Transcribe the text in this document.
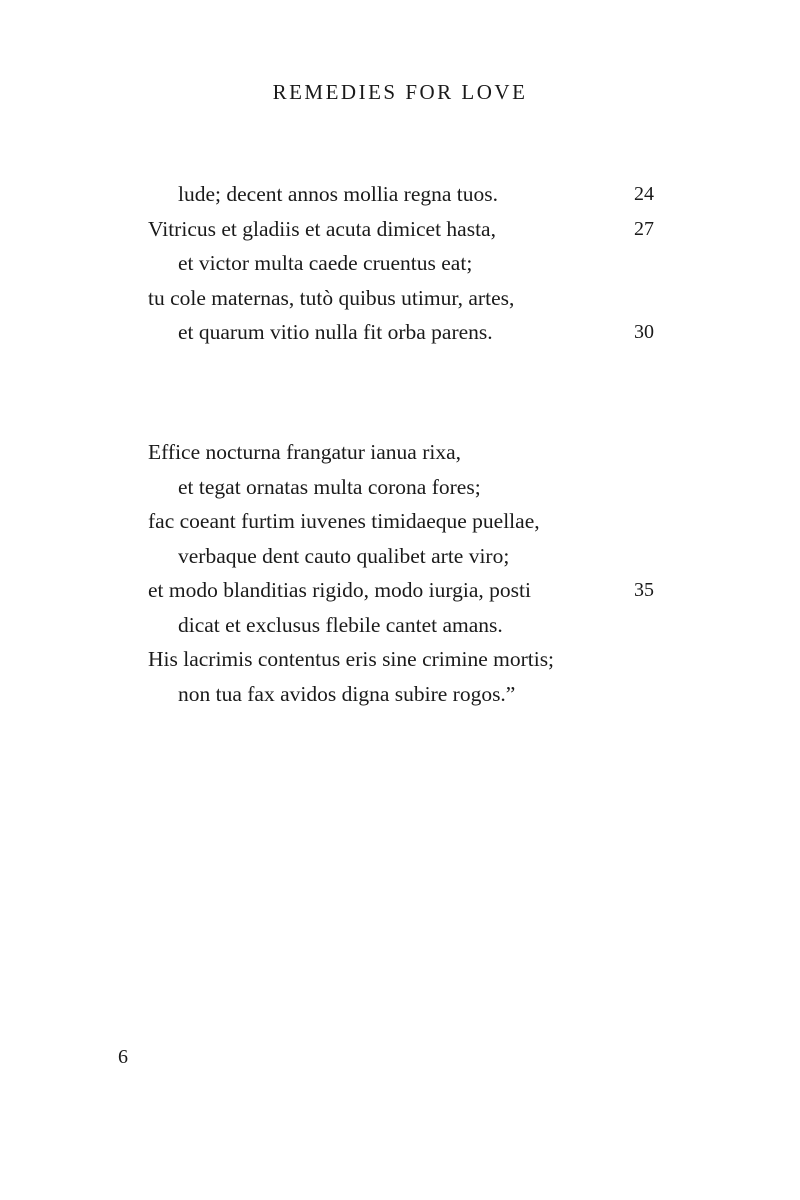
REMEDIES FOR LOVE
lude; decent annos mollia regna tuos.	24
Vitricus et gladiis et acuta dimicet hasta,	27
et victor multa caede cruentus eat;
tu cole maternas, tutò quibus utimur, artes,
et quarum vitio nulla fit orba parens.	30
Effice nocturna frangatur ianua rixa,
et tegat ornatas multa corona fores;
fac coeant furtim iuvenes timidaeque puellae,
verbaque dent cauto qualibet arte viro;
et modo blanditias rigido, modo iurgia, posti	35
dicat et exclusus flebile cantet amans.
His lacrimis contentus eris sine crimine mortis;
non tua fax avidos digna subire rogos.”
6
